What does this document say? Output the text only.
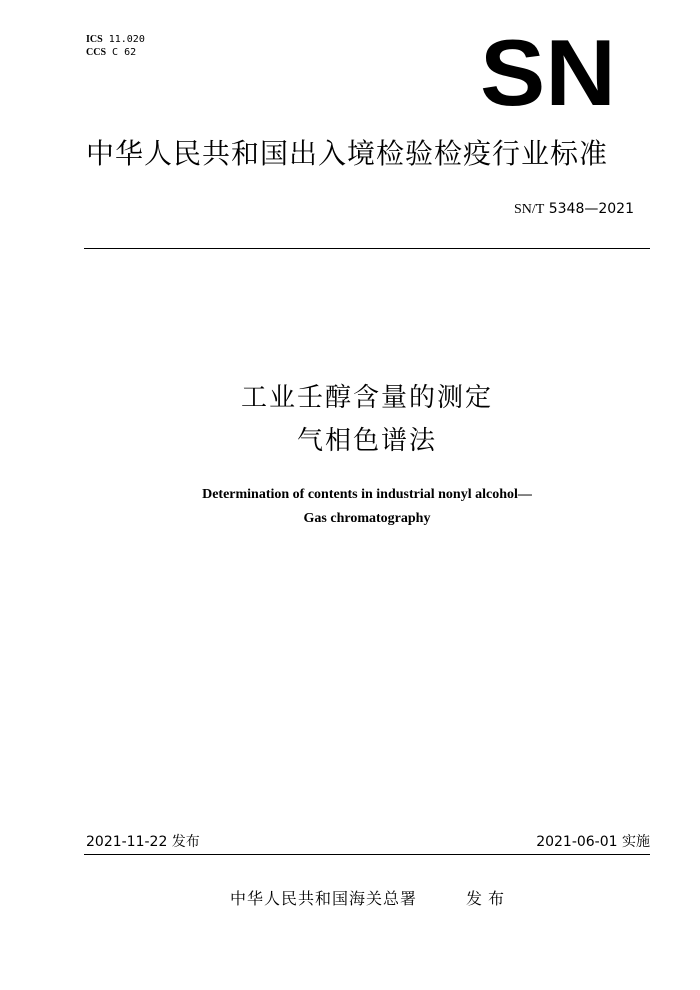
ICS 11.020
CCS C 62	SN
中华人民共和国出入境检验检疫行业标准
SN/T 5348—2021
工业壬醇含量的测定
气相色谱法
Determination of contents in industrial nonyl alcohol—
Gas chromatography
2021-11-22 发布	2021-06-01 实施
中华人民共和国海关总署	发布
